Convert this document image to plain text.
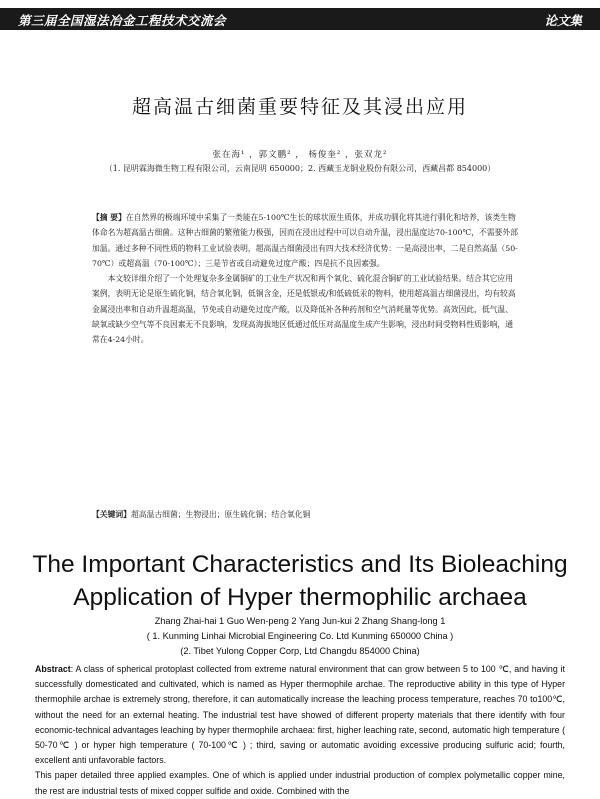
第三届全国湿法冶金工程技术交流会	论文集
超高温古细菌重要特征及其浸出应用
张在海¹ ，郭文鹏² ， 杨俊奎² ，张双龙²
（1. 昆明霖海微生物工程有限公司，云南昆明 650000；2. 西藏玉龙铜业股份有限公司，西藏昌都 854000）

【摘 要】在自然界的极端环境中采集了一类能在5-100℃生长的球状原生质体，并成功驯化将其进行驯化和培养，该类生物体命名为超高温古细菌。这种古细菌的繁殖能力极强，因而在浸出过程中可以自动升温，浸出温度达70-100℃，不需要外部加温。通过多种不同性质的物料工业试验表明，超高温古细菌浸出有四大技术经济优势：一是高浸出率，二是自然高温（50-70℃）或超高温（70-100℃）；三是节省或自动避免过度产酸；四是抗不良因素强。

本文较详细介绍了一个处理复杂多金属铜矿的工业生产状况和两个氧化、硫化混合铜矿的工业试验结果。结合其它应用案例，表明无论是原生硫化铜，结合氧化铜，低铜含金，还是低银或/和低硫低汞的物料，使用超高温古细菌浸出，均有较高金属浸出率和自动升温超高温，节免或自动避免过度产酸，以及降低补各种药剂和空气消耗量等优势。高效因此，低气温、缺氧或缺少空气等不良因素无不良影响，发现高海拔地区低通过低压对高温度生成产生影响，浸出时间受物料性质影响，通常在4-24小时。

【关键词】超高温古细菌；生物浸出；原生硫化铜；结合氧化铜
The Important Characteristics and Its Bioleaching
Application of Hyper thermophilic archaea
Zhang Zhai-hai 1 Guo Wen-peng 2 Yang Jun-kui 2 Zhang Shang-long 1
( 1. Kunming Linhai Microbial Engineering Co. Ltd Kunming 650000 China )
(2. Tibet Yulong Copper Corp, Ltd Changdu 854000 China)

Abstract: A class of spherical protoplast collected from extreme natural environment that can grow between 5 to 100 ℃, and having it successfully domesticated and cultivated, which is named as Hyper thermophile archae. The reproductive ability in this type of Hyper thermophile archae is extremely strong, therefore, it can automatically increase the leaching process temperature, reaches 70 to100℃, without the need for an external heating. The industrial test have showed of different property materials that there identify with four economic-technical advantages leaching by hyper thermophile archaea: first, higher leaching rate, second, automatic high temperature ( 50-70℃ ) or hyper high temperature ( 70-100℃ ) ; third, saving or automatic avoiding excessive producing sulfuric acid; fourth, excellent anti unfavorable factors.

This paper detailed three applied examples. One of which is applied under industrial production of complex polymetallic copper mine, the rest are industrial tests of mixed copper sulfide and oxide. Combined with the
